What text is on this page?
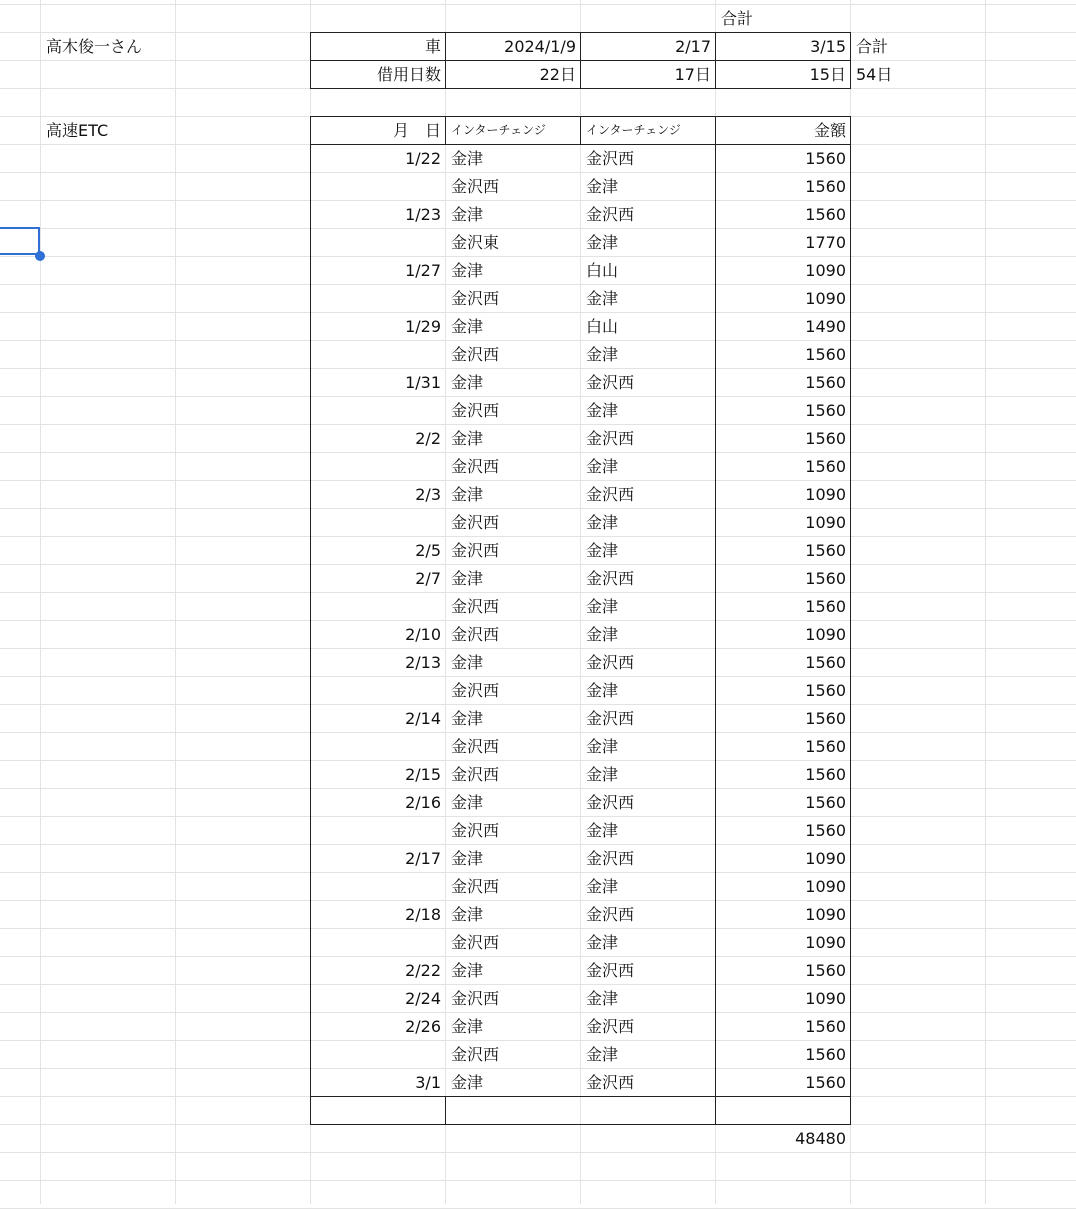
合計
高木俊一さん	車	2024/1/9	2/17	3/15 合計
借用日数	22日	17日	15日 54日
高速ETC	月　日 インターチェンジ	インターチェンジ	金額
1/22 金津	金沢西	1560
金沢西	金津	1560
1/23 金津	金沢西	1560
金沢東	金津	1770
1/27 金津	白山	1090
金沢西	金津	1090
1/29 金津	白山	1490
金沢西	金津	1560
1/31 金津	金沢西	1560
金沢西	金津	1560
2/2 金津	金沢西	1560
金沢西	金津	1560
2/3 金津	金沢西	1090
金沢西	金津	1090
2/5 金沢西	金津	1560
2/7 金津	金沢西	1560
金沢西	金津	1560
2/10 金沢西	金津	1090
2/13 金津	金沢西	1560
金沢西	金津	1560
2/14 金津	金沢西	1560
金沢西	金津	1560
2/15 金沢西	金津	1560
2/16 金津	金沢西	1560
金沢西	金津	1560
2/17 金津	金沢西	1090
金沢西	金津	1090
2/18 金津	金沢西	1090
金沢西	金津	1090
2/22 金津	金沢西	1560
2/24 金沢西	金津	1090
2/26 金津	金沢西	1560
金沢西	金津	1560
3/1 金津	金沢西	1560
48480
